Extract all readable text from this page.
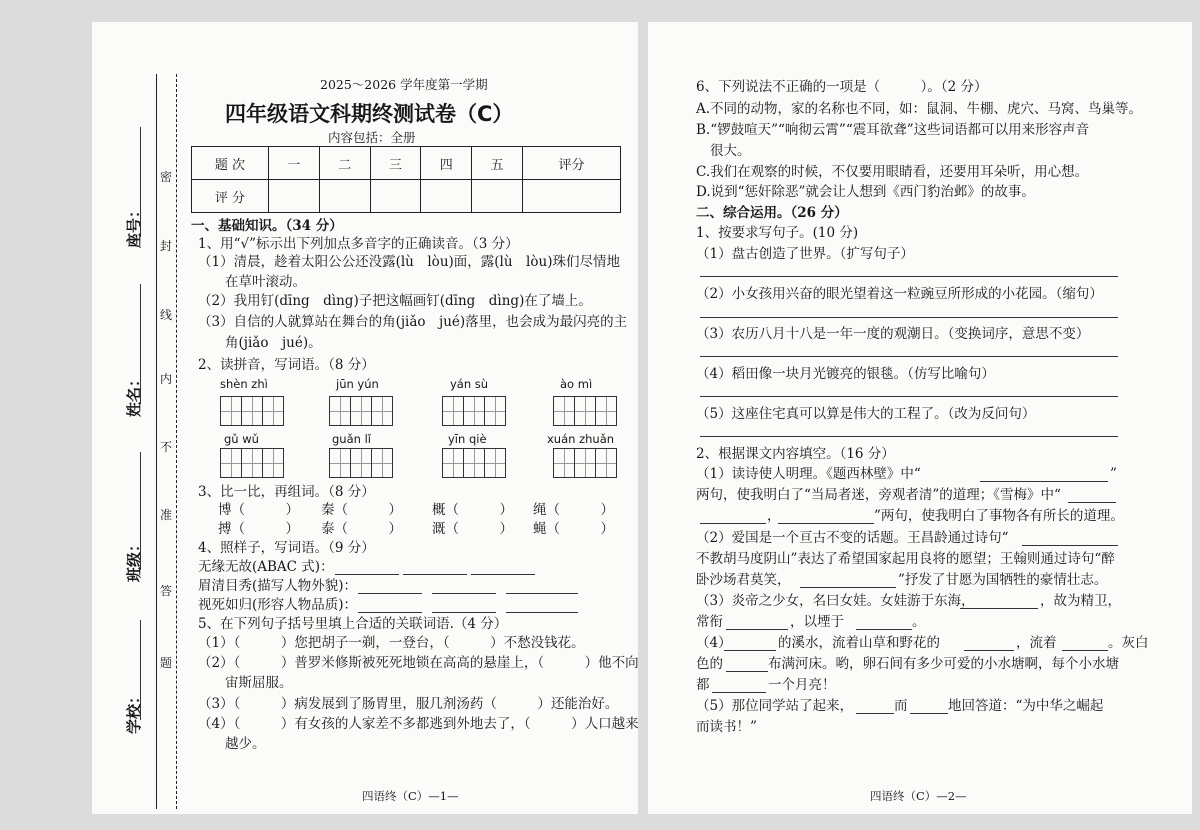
座号：
姓名：
班级：
学校：
密
封
线
内
不
准
答
题
2025～2026 学年度第一学期
四年级语文科期终测试卷（C）
内容包括：全册
题 次	一	二	三	四	五	评分
评 分						
一、基础知识。（34 分）
1、用“√”标示出下列加点多音字的正确读音。（3 分）
（1）清晨，趁着太阳公公还没露(lù　lòu)面，露(lù　lòu)珠们尽情地
在草叶滚动。
（2）我用钉(dīng　dìng)子把这幅画钉(dīng　dìng)在了墙上。
（3）自信的人就算站在舞台的角(jiǎo　jué)落里，也会成为最闪亮的主
角(jiǎo　jué)。
2、读拼音，写词语。（8 分）
shèn zhì	jūn yún	yán sù	ào mì
gǔ wǔ	guǎn lǐ	yīn qiè	xuán zhuǎn
3、比一比，再组词。（8 分）
博（　　　） 秦（　　　） 概（　　　） 绳（　　　）
搏（　　　） 泰（　　　） 溉（　　　） 蝇（　　　）
4、照样子，写词语。（9 分）
无缘无故(ABAC 式)：
眉清目秀(描写人物外貌)：
视死如归(形容人物品质)：
5、在下列句子括号里填上合适的关联词语.（4 分）
（1）（　　　）您把胡子一剃，一登台，（　　　）不愁没钱花。
（2）（　　　）普罗米修斯被死死地锁在高高的悬崖上，（　　　）他不向
宙斯屈服。
（3）（　　　）病发展到了肠胃里，服几剂汤药（　　　）还能治好。
（4）（　　　）有女孩的人家差不多都逃到外地去了，（　　　）人口越来
越少。
四语终（C）—1—
6、下列说法不正确的一项是（　　　）。（2 分）
A.不同的动物，家的名称也不同，如：鼠洞、牛棚、虎穴、马窝、鸟巢等。
B.“锣鼓喧天”“响彻云霄”“震耳欲聋”这些词语都可以用来形容声音
很大。
C.我们在观察的时候，不仅要用眼睛看，还要用耳朵听，用心想。
D.说到“惩奸除恶”就会让人想到《西门豹治邺》的故事。
二、综合运用。（26 分）
1、按要求写句子。(10 分)
（1）盘古创造了世界。（扩写句子）
（2）小女孩用兴奋的眼光望着这一粒豌豆所形成的小花园。（缩句）
（3）农历八月十八是一年一度的观潮日。（变换词序，意思不变）
（4）稻田像一块月光镀亮的银毯。（仿写比喻句）
（5）这座住宅真可以算是伟大的工程了。（改为反问句）
2、根据课文内容填空。（16 分）
（1）读诗使人明理。《题西林壁》中“	”
两句，使我明白了“当局者迷，旁观者清”的道理；《雪梅》中“
，	”两句，使我明白了事物各有所长的道理。
（2）爱国是一个亘古不变的话题。王昌龄通过诗句“
不教胡马度阴山”表达了希望国家起用良将的愿望；王翰则通过诗句“醉
卧沙场君莫笑，	”抒发了甘愿为国牺牲的豪情壮志。
（3）炎帝之少女，名曰女娃。女娃游于东海，	，故为精卫，
常衔	，以堙于	。
（4）	的溪水，流着山草和野花的	，流着	。灰白
色的	布满河床。哟，卵石间有多少可爱的小水塘啊，每个小水塘
都	一个月亮！
（5）那位同学站了起来，	而	地回答道：“为中华之崛起
而读书！”
四语终（C）—2—
